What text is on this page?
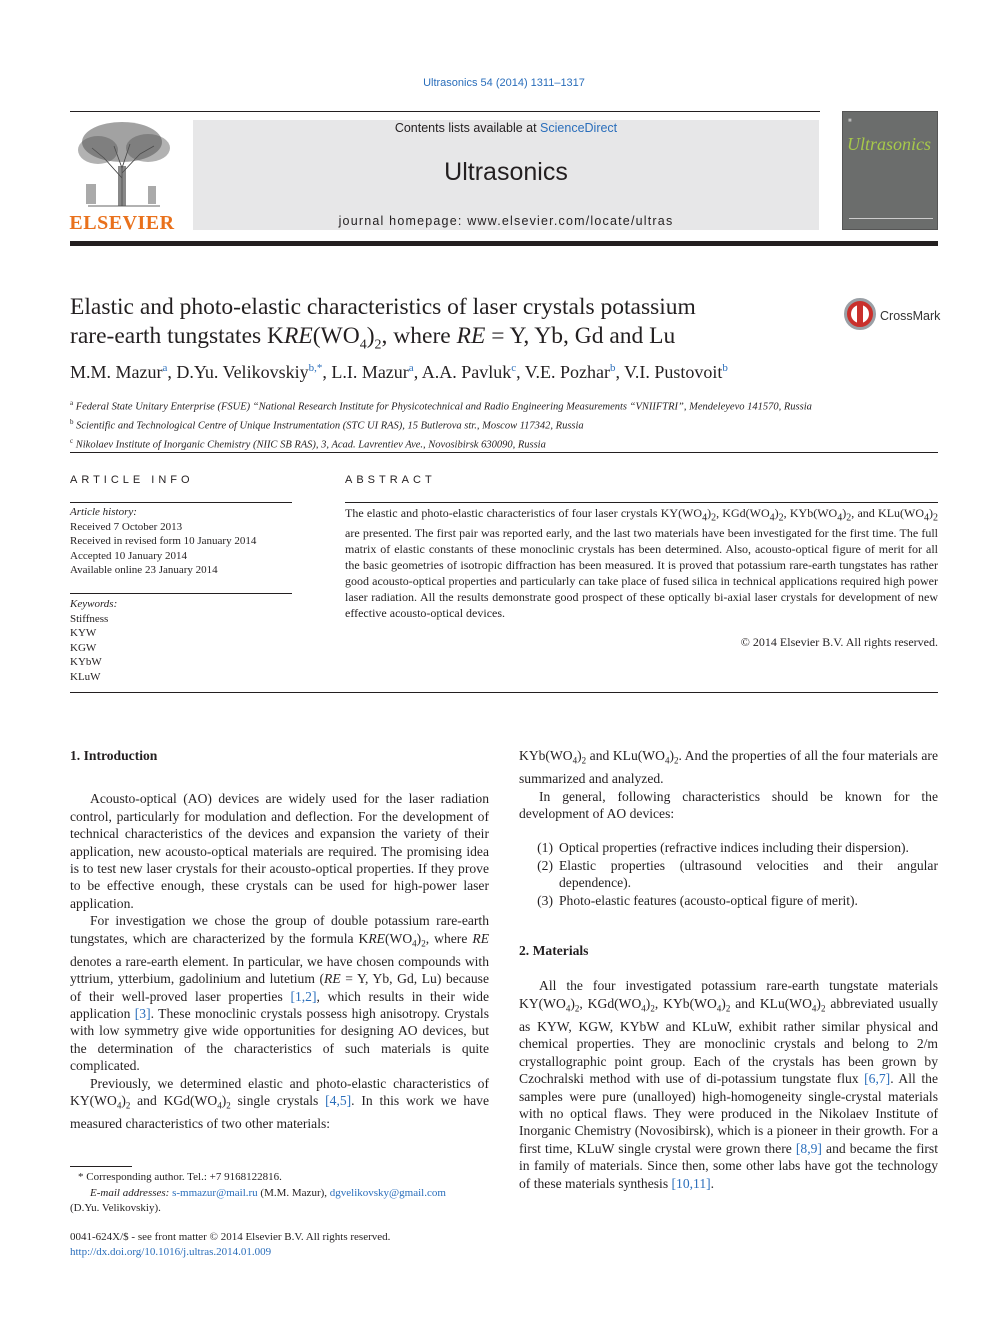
Ultrasonics 54 (2014) 1311–1317
ELSEVIER
Contents lists available at ScienceDirect
Ultrasonics
journal homepage: www.elsevier.com/locate/ultras
■
Ultrasonics
Elastic and photo-elastic characteristics of laser crystals potassium
rare-earth tungstates $KRE(WO_4)_2$, where RE = Y, Yb, Gd and Lu
CrossMark
M.M. Mazur$^a$, D.Yu. Velikovskiy$^{b,*}$, L.I. Mazur$^a$, A.A. Pavluk$^c$, V.E. Pozhar$^b$, V.I. Pustovoit$^b$
$^a$ Federal State Unitary Enterprise (FSUE) “National Research Institute for Physicotechnical and Radio Engineering Measurements “VNIIFTRI”, Mendeleyevo 141570, Russia
$^b$ Scientific and Technological Centre of Unique Instrumentation (STC UI RAS), 15 Butlerova str., Moscow 117342, Russia
$^c$ Nikolaev Institute of Inorganic Chemistry (NIIC SB RAS), 3, Acad. Lavrentiev Ave., Novosibirsk 630090, Russia
ARTICLE INFO
Article history:
Received 7 October 2013
Received in revised form 10 January 2014
Accepted 10 January 2014
Available online 23 January 2014
Keywords:
Stiffness
KYW
KGW
KYbW
KLuW
ABSTRACT
The elastic and photo-elastic characteristics of four laser crystals $KY(WO_4)_2$, $KGd(WO_4)_2$, $KYb(WO_4)_2$, and $KLu(WO_4)_2$ are presented. The first pair was reported early, and the last two materials have been investigated for the first time. The full matrix of elastic constants of these monoclinic crystals has been determined. Also, acousto-optical figure of merit for all the basic geometries of isotropic diffraction has been measured. It is proved that potassium rare-earth tungstates has rather good acousto-optical properties and particularly can take place of fused silica in technical applications required high power laser radiation. All the results demonstrate good prospect of these optically bi-axial laser crystals for development of new effective acousto-optical devices.
© 2014 Elsevier B.V. All rights reserved.
1. Introduction

Acousto-optical (AO) devices are widely used for the laser radiation control, particularly for modulation and deflection. For the development of technical characteristics of the devices and expansion the variety of their application, new acousto-optical materials are required. The promising idea is to test new laser crystals for their acousto-optical properties. If they prove to be effective enough, these crystals can be used for high-power laser application.

For investigation we chose the group of double potassium rare-earth tungstates, which are characterized by the formula $KRE(WO_4)_2$, where RE denotes a rare-earth element. In particular, we have chosen compounds with yttrium, ytterbium, gadolinium and lutetium (RE = Y, Yb, Gd, Lu) because of their well-proved laser properties [1,2], which results in their wide application [3]. These monoclinic crystals possess high anisotropy. Crystals with low symmetry give wide opportunities for designing AO devices, but the determination of the characteristics of such materials is quite complicated.

Previously, we determined elastic and photo-elastic characteristics of $KY(WO_4)_2$ and $KGd(WO_4)_2$ single crystals [4,5]. In this work we have measured characteristics of two other materials:

* Corresponding author. Tel.: +7 9168122816.
E-mail addresses: s-mmazur@mail.ru (M.M. Mazur), dgvelikovsky@gmail.com
(D.Yu. Velikovskiy).
0041-624X/$ - see front matter © 2014 Elsevier B.V. All rights reserved.
http://dx.doi.org/10.1016/j.ultras.2014.01.009

$KYb(WO_4)_2$ and $KLu(WO_4)_2$. And the properties of all the four materials are summarized and analyzed.

In general, following characteristics should be known for the development of AO devices:

(1) Optical properties (refractive indices including their dispersion).
(2) Elastic properties (ultrasound velocities and their angular dependence).
(3) Photo-elastic features (acousto-optical figure of merit).
2. Materials

All the four investigated potassium rare-earth tungstate materials $KY(WO_4)_2$, $KGd(WO_4)_2$, $KYb(WO_4)_2$ and $KLu(WO_4)_2$ abbreviated usually as KYW, KGW, KYbW and KLuW, exhibit rather similar physical and chemical properties. They are monoclinic crystals and belong to 2/m crystallographic point group. Each of the crystals has been grown by Czochralski method with use of di-potassium tungstate flux [6,7]. All the samples were pure (unalloyed) high-homogeneity single-crystal materials with no optical flaws. They were produced in the Nikolaev Institute of Inorganic Chemistry (Novosibirsk), which is a pioneer in their growth. For a first time, KLuW single crystal were grown there [8,9] and became the first in family of materials. Since then, some other labs have got the technology of these materials synthesis [10,11].
